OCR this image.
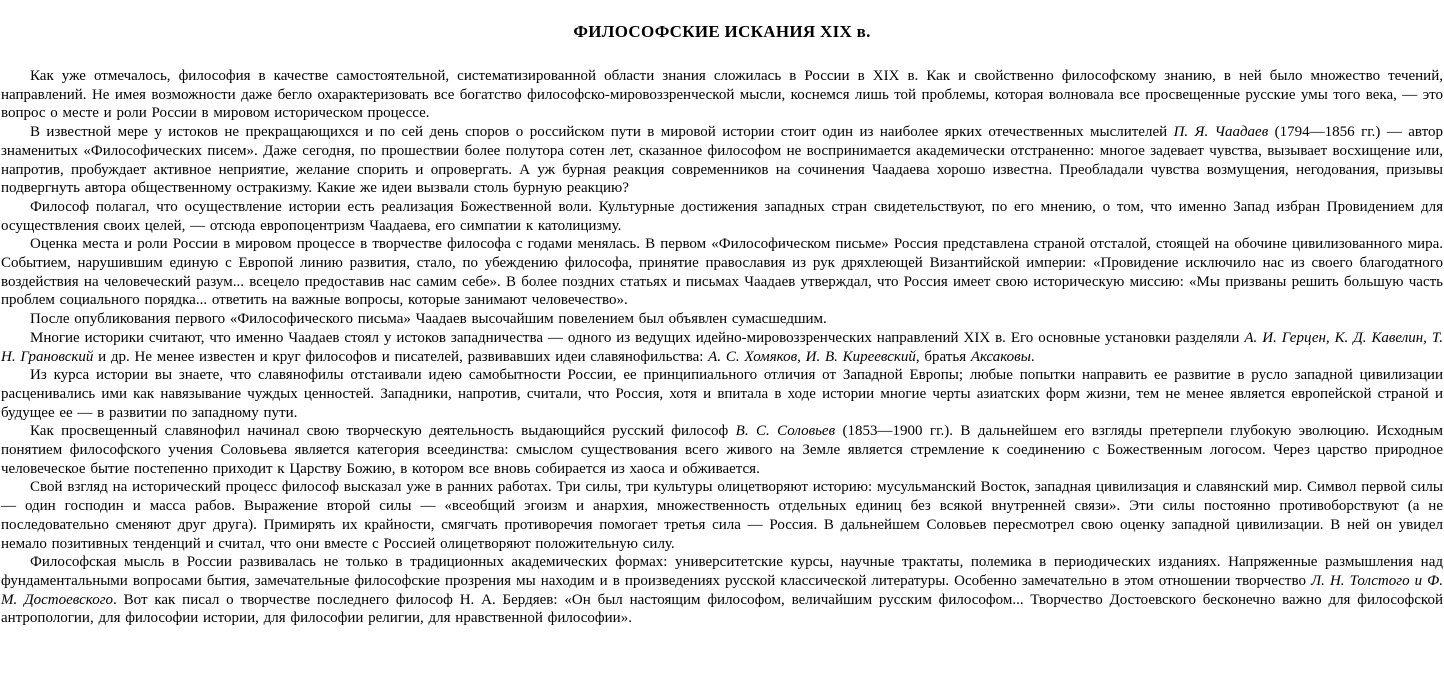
ФИЛОСОФСКИЕ ИСКАНИЯ XIX в.

Как уже отмечалось, философия в качестве самостоятельной, систематизированной области знания сложилась в России в XIX в. Как и свойственно философскому знанию, в ней было множество течений, направлений. Не имея возможности даже бегло охарактеризовать все богатство философско-мировоззренческой мысли, коснемся лишь той проблемы, которая волновала все просвещенные русские умы того века, — это вопрос о месте и роли России в мировом историческом процессе.

В известной мере у истоков не прекращающихся и по сей день споров о российском пути в мировой истории стоит один из наиболее ярких отечественных мыслителей П. Я. Чаадаев (1794—1856 гг.) — автор знаменитых «Философических писем». Даже сегодня, по прошествии более полутора сотен лет, сказанное философом не воспринимается академически отстраненно: многое задевает чувства, вызывает восхищение или, напротив, пробуждает активное неприятие, желание спорить и опровергать. А уж бурная реакция современников на сочинения Чаадаева хорошо известна. Преобладали чувства возмущения, негодования, призывы подвергнуть автора общественному остракизму. Какие же идеи вызвали столь бурную реакцию?

Философ полагал, что осуществление истории есть реализация Божественной воли. Культурные достижения западных стран свидетельствуют, по его мнению, о том, что именно Запад избран Провидением для осуществления своих целей, — отсюда европоцентризм Чаадаева, его симпатии к католицизму.

Оценка места и роли России в мировом процессе в творчестве философа с годами менялась. В первом «Философическом письме» Россия представлена страной отсталой, стоящей на обочине цивилизованного мира. Событием, нарушившим единую с Европой линию развития, стало, по убеждению философа, принятие православия из рук дряхлеющей Византийской империи: «Провидение исключило нас из своего благодатного воздействия на человеческий разум... всецело предоставив нас самим себе». В более поздних статьях и письмах Чаадаев утверждал, что Россия имеет свою историческую миссию: «Мы призваны решить большую часть проблем социального порядка... ответить на важные вопросы, которые занимают человечество».

После опубликования первого «Философического письма» Чаадаев высочайшим повелением был объявлен сумасшедшим.

Многие историки считают, что именно Чаадаев стоял у истоков западничества — одного из ведущих идейно-мировоззренческих направлений XIX в. Его основные установки разделяли А. И. Герцен, К. Д. Кавелин, Т. Н. Грановский и др. Не менее известен и круг философов и писателей, развивавших идеи славянофильства: А. С. Хомяков, И. В. Киреевский, братья Аксаковы.

Из курса истории вы знаете, что славянофилы отстаивали идею самобытности России, ее принципиального отличия от Западной Европы; любые попытки направить ее развитие в русло западной цивилизации расценивались ими как навязывание чуждых ценностей. Западники, напротив, считали, что Россия, хотя и впитала в ходе истории многие черты азиатских форм жизни, тем не менее является европейской страной и будущее ее — в развитии по западному пути.

Как просвещенный славянофил начинал свою творческую деятельность выдающийся русский философ В. С. Соловьев (1853—1900 гг.). В дальнейшем его взгляды претерпели глубокую эволюцию. Исходным понятием философского учения Соловьева является категория всеединства: смыслом существования всего живого на Земле является стремление к соединению с Божественным логосом. Через царство природное человеческое бытие постепенно приходит к Царству Божию, в котором все вновь собирается из хаоса и обживается.

Свой взгляд на исторический процесс философ высказал уже в ранних работах. Три силы, три культуры олицетворяют историю: мусульманский Восток, западная цивилизация и славянский мир. Символ первой силы — один господин и масса рабов. Выражение второй силы — «всеобщий эгоизм и анархия, множественность отдельных единиц без всякой внутренней связи». Эти силы постоянно противоборствуют (а не последовательно сменяют друг друга). Примирять их крайности, смягчать противоречия помогает третья сила — Россия. В дальнейшем Соловьев пересмотрел свою оценку западной цивилизации. В ней он увидел немало позитивных тенденций и считал, что они вместе с Россией олицетворяют положительную силу.

Философская мысль в России развивалась не только в традиционных академических формах: университетские курсы, научные трактаты, полемика в периодических изданиях. Напряженные размышления над фундаментальными вопросами бытия, замечательные философские прозрения мы находим и в произведениях русской классической литературы. Особенно замечательно в этом отношении творчество Л. Н. Толстого и Ф. М. Достоевского. Вот как писал о творчестве последнего философ Н. А. Бердяев: «Он был настоящим философом, величайшим русским философом... Творчество Достоевского бесконечно важно для философской антропологии, для философии истории, для философии религии, для нравственной философии».
